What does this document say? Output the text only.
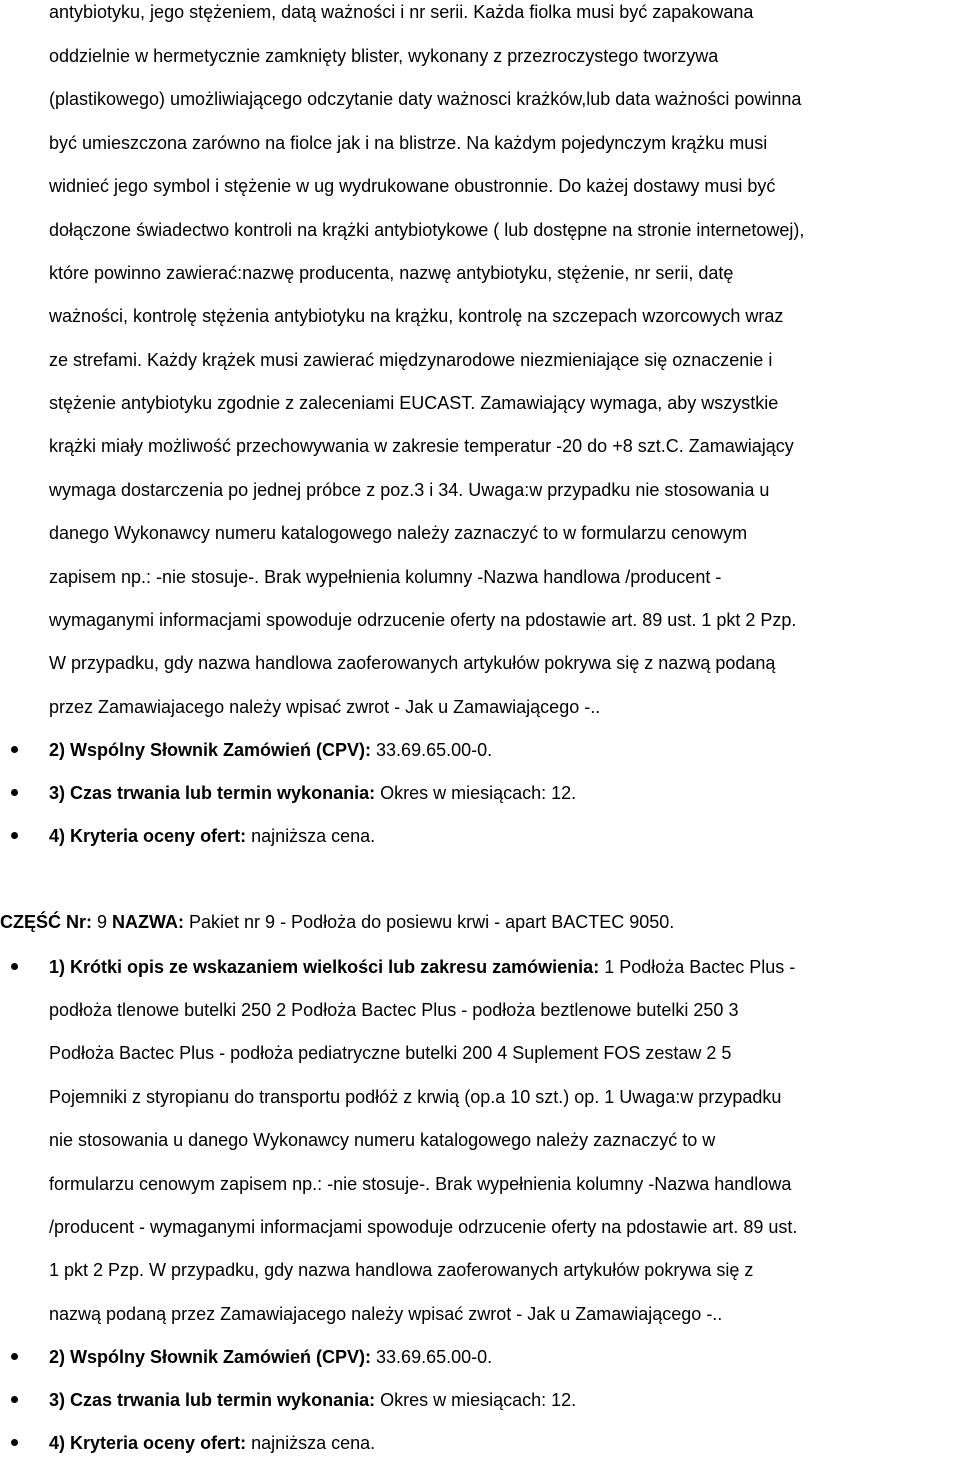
antybiotyku, jego stężeniem, datą ważności i nr serii. Każda fiolka musi być zapakowana
oddzielnie w hermetycznie zamknięty blister, wykonany z przezroczystego tworzywa
(plastikowego) umożliwiającego odczytanie daty ważnosci krażków,lub data ważności powinna
być umieszczona zarówno na fiolce jak i na blistrze. Na każdym pojedynczym krążku musi
widnieć jego symbol i stężenie w ug wydrukowane obustronnie. Do każej dostawy musi być
dołączone świadectwo kontroli na krążki antybiotykowe ( lub dostępne na stronie internetowej),
które powinno zawierać:nazwę producenta, nazwę antybiotyku, stężenie, nr serii, datę
ważności, kontrolę stężenia antybiotyku na krążku, kontrolę na szczepach wzorcowych wraz
ze strefami. Każdy krążek musi zawierać międzynarodowe niezmieniające się oznaczenie i
stężenie antybiotyku zgodnie z zaleceniami EUCAST. Zamawiający wymaga, aby wszystkie
krążki miały możliwość przechowywania w zakresie temperatur -20 do +8 szt.C. Zamawiający
wymaga dostarczenia po jednej próbce z poz.3 i 34. Uwaga:w przypadku nie stosowania u
danego Wykonawcy numeru katalogowego należy zaznaczyć to w formularzu cenowym
zapisem np.: -nie stosuje-. Brak wypełnienia kolumny -Nazwa handlowa /producent -
wymaganymi informacjami spowoduje odrzucenie oferty na pdostawie art. 89 ust. 1 pkt 2 Pzp.
W przypadku, gdy nazwa handlowa zaoferowanych artykułów pokrywa się z nazwą podaną
przez Zamawiajacego należy wpisać zwrot - Jak u Zamawiającego -..
2) Wspólny Słownik Zamówień (CPV): 33.69.65.00-0.
3) Czas trwania lub termin wykonania: Okres w miesiącach: 12.
4) Kryteria oceny ofert: najniższa cena.
CZĘŚĆ Nr: 9 NAZWA: Pakiet nr 9 - Podłoża do posiewu krwi - apart BACTEC 9050.
1) Krótki opis ze wskazaniem wielkości lub zakresu zamówienia: 1 Podłoża Bactec Plus -
podłoża tlenowe butelki 250 2 Podłoża Bactec Plus - podłoża beztlenowe butelki 250 3
Podłoża Bactec Plus - podłoża pediatryczne butelki 200 4 Suplement FOS zestaw 2 5
Pojemniki z styropianu do transportu podłóż z krwią (op.a 10 szt.) op. 1 Uwaga:w przypadku
nie stosowania u danego Wykonawcy numeru katalogowego należy zaznaczyć to w
formularzu cenowym zapisem np.: -nie stosuje-. Brak wypełnienia kolumny -Nazwa handlowa
/producent - wymaganymi informacjami spowoduje odrzucenie oferty na pdostawie art. 89 ust.
1 pkt 2 Pzp. W przypadku, gdy nazwa handlowa zaoferowanych artykułów pokrywa się z
nazwą podaną przez Zamawiajacego należy wpisać zwrot - Jak u Zamawiającego -..
2) Wspólny Słownik Zamówień (CPV): 33.69.65.00-0.
3) Czas trwania lub termin wykonania: Okres w miesiącach: 12.
4) Kryteria oceny ofert: najniższa cena.
